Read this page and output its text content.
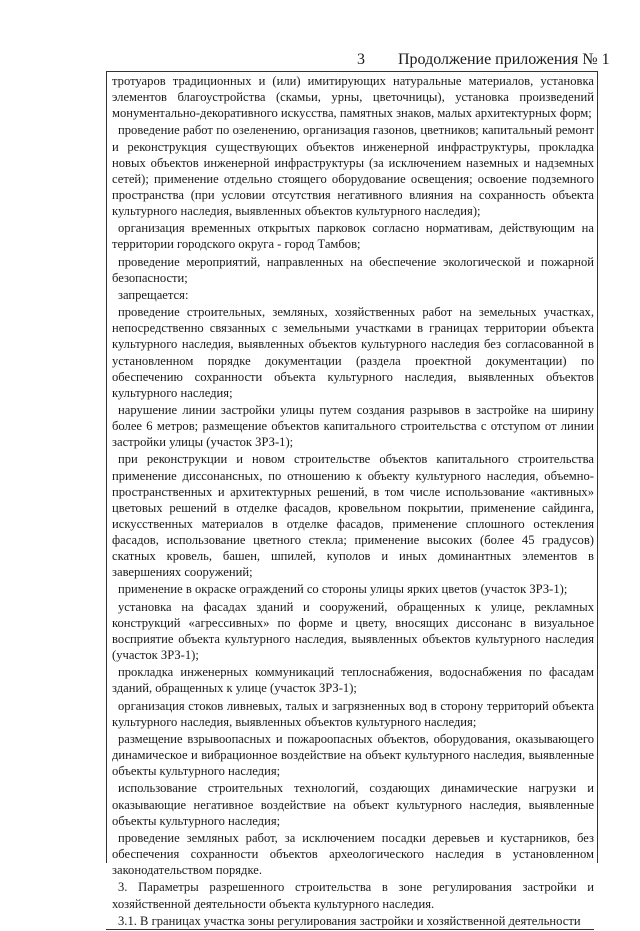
3 Продолжение приложения № 1

тротуаров традиционных и (или) имитирующих натуральные материалов, установка элементов благоустройства (скамьи, урны, цветочницы), установка произведений монументально-декоративного искусства, памятных знаков, малых архитектурных форм;

проведение работ по озеленению, организация газонов, цветников; капитальный ремонт и реконструкция существующих объектов инженерной инфраструктуры, прокладка новых объектов инженерной инфраструктуры (за исключением наземных и надземных сетей); применение отдельно стоящего оборудование освещения; освоение подземного пространства (при условии отсутствия негативного влияния на сохранность объекта культурного наследия, выявленных объектов культурного наследия);

организация временных открытых парковок согласно нормативам, действующим на территории городского округа - город Тамбов;

проведение мероприятий, направленных на обеспечение экологической и пожарной безопасности;

запрещается:

проведение строительных, земляных, хозяйственных работ на земельных участках, непосредственно связанных с земельными участками в границах территории объекта культурного наследия, выявленных объектов культурного наследия без согласованной в установленном порядке документации (раздела проектной документации) по обеспечению сохранности объекта культурного наследия, выявленных объектов культурного наследия;

нарушение линии застройки улицы путем создания разрывов в застройке на ширину более 6 метров; размещение объектов капитального строительства с отступом от линии застройки улицы (участок ЗРЗ-1);

при реконструкции и новом строительстве объектов капитального строительства применение диссонансных, по отношению к объекту культурного наследия, объемно-пространственных и архитектурных решений, в том числе использование «активных» цветовых решений в отделке фасадов, кровельном покрытии, применение сайдинга, искусственных материалов в отделке фасадов, применение сплошного остекления фасадов, использование цветного стекла; применение высоких (более 45 градусов) скатных кровель, башен, шпилей, куполов и иных доминантных элементов в завершениях сооружений;

применение в окраске ограждений со стороны улицы ярких цветов (участок ЗРЗ-1);

установка на фасадах зданий и сооружений, обращенных к улице, рекламных конструкций «агрессивных» по форме и цвету, вносящих диссонанс в визуальное восприятие объекта культурного наследия, выявленных объектов культурного наследия (участок ЗРЗ-1);

прокладка инженерных коммуникаций теплоснабжения, водоснабжения по фасадам зданий, обращенных к улице (участок ЗРЗ-1);

организация стоков ливневых, талых и загрязненных вод в сторону территорий объекта культурного наследия, выявленных объектов культурного наследия;

размещение взрывоопасных и пожароопасных объектов, оборудования, оказывающего динамическое и вибрационное воздействие на объект культурного наследия, выявленные объекты культурного наследия;

использование строительных технологий, создающих динамические нагрузки и оказывающие негативное воздействие на объект культурного наследия, выявленные объекты культурного наследия;

проведение земляных работ, за исключением посадки деревьев и кустарников, без обеспечения сохранности объектов археологического наследия в установленном законодательством порядке.

3. Параметры разрешенного строительства в зоне регулирования застройки и хозяйственной деятельности объекта культурного наследия.

3.1. В границах участка зоны регулирования застройки и хозяйственной деятельности
